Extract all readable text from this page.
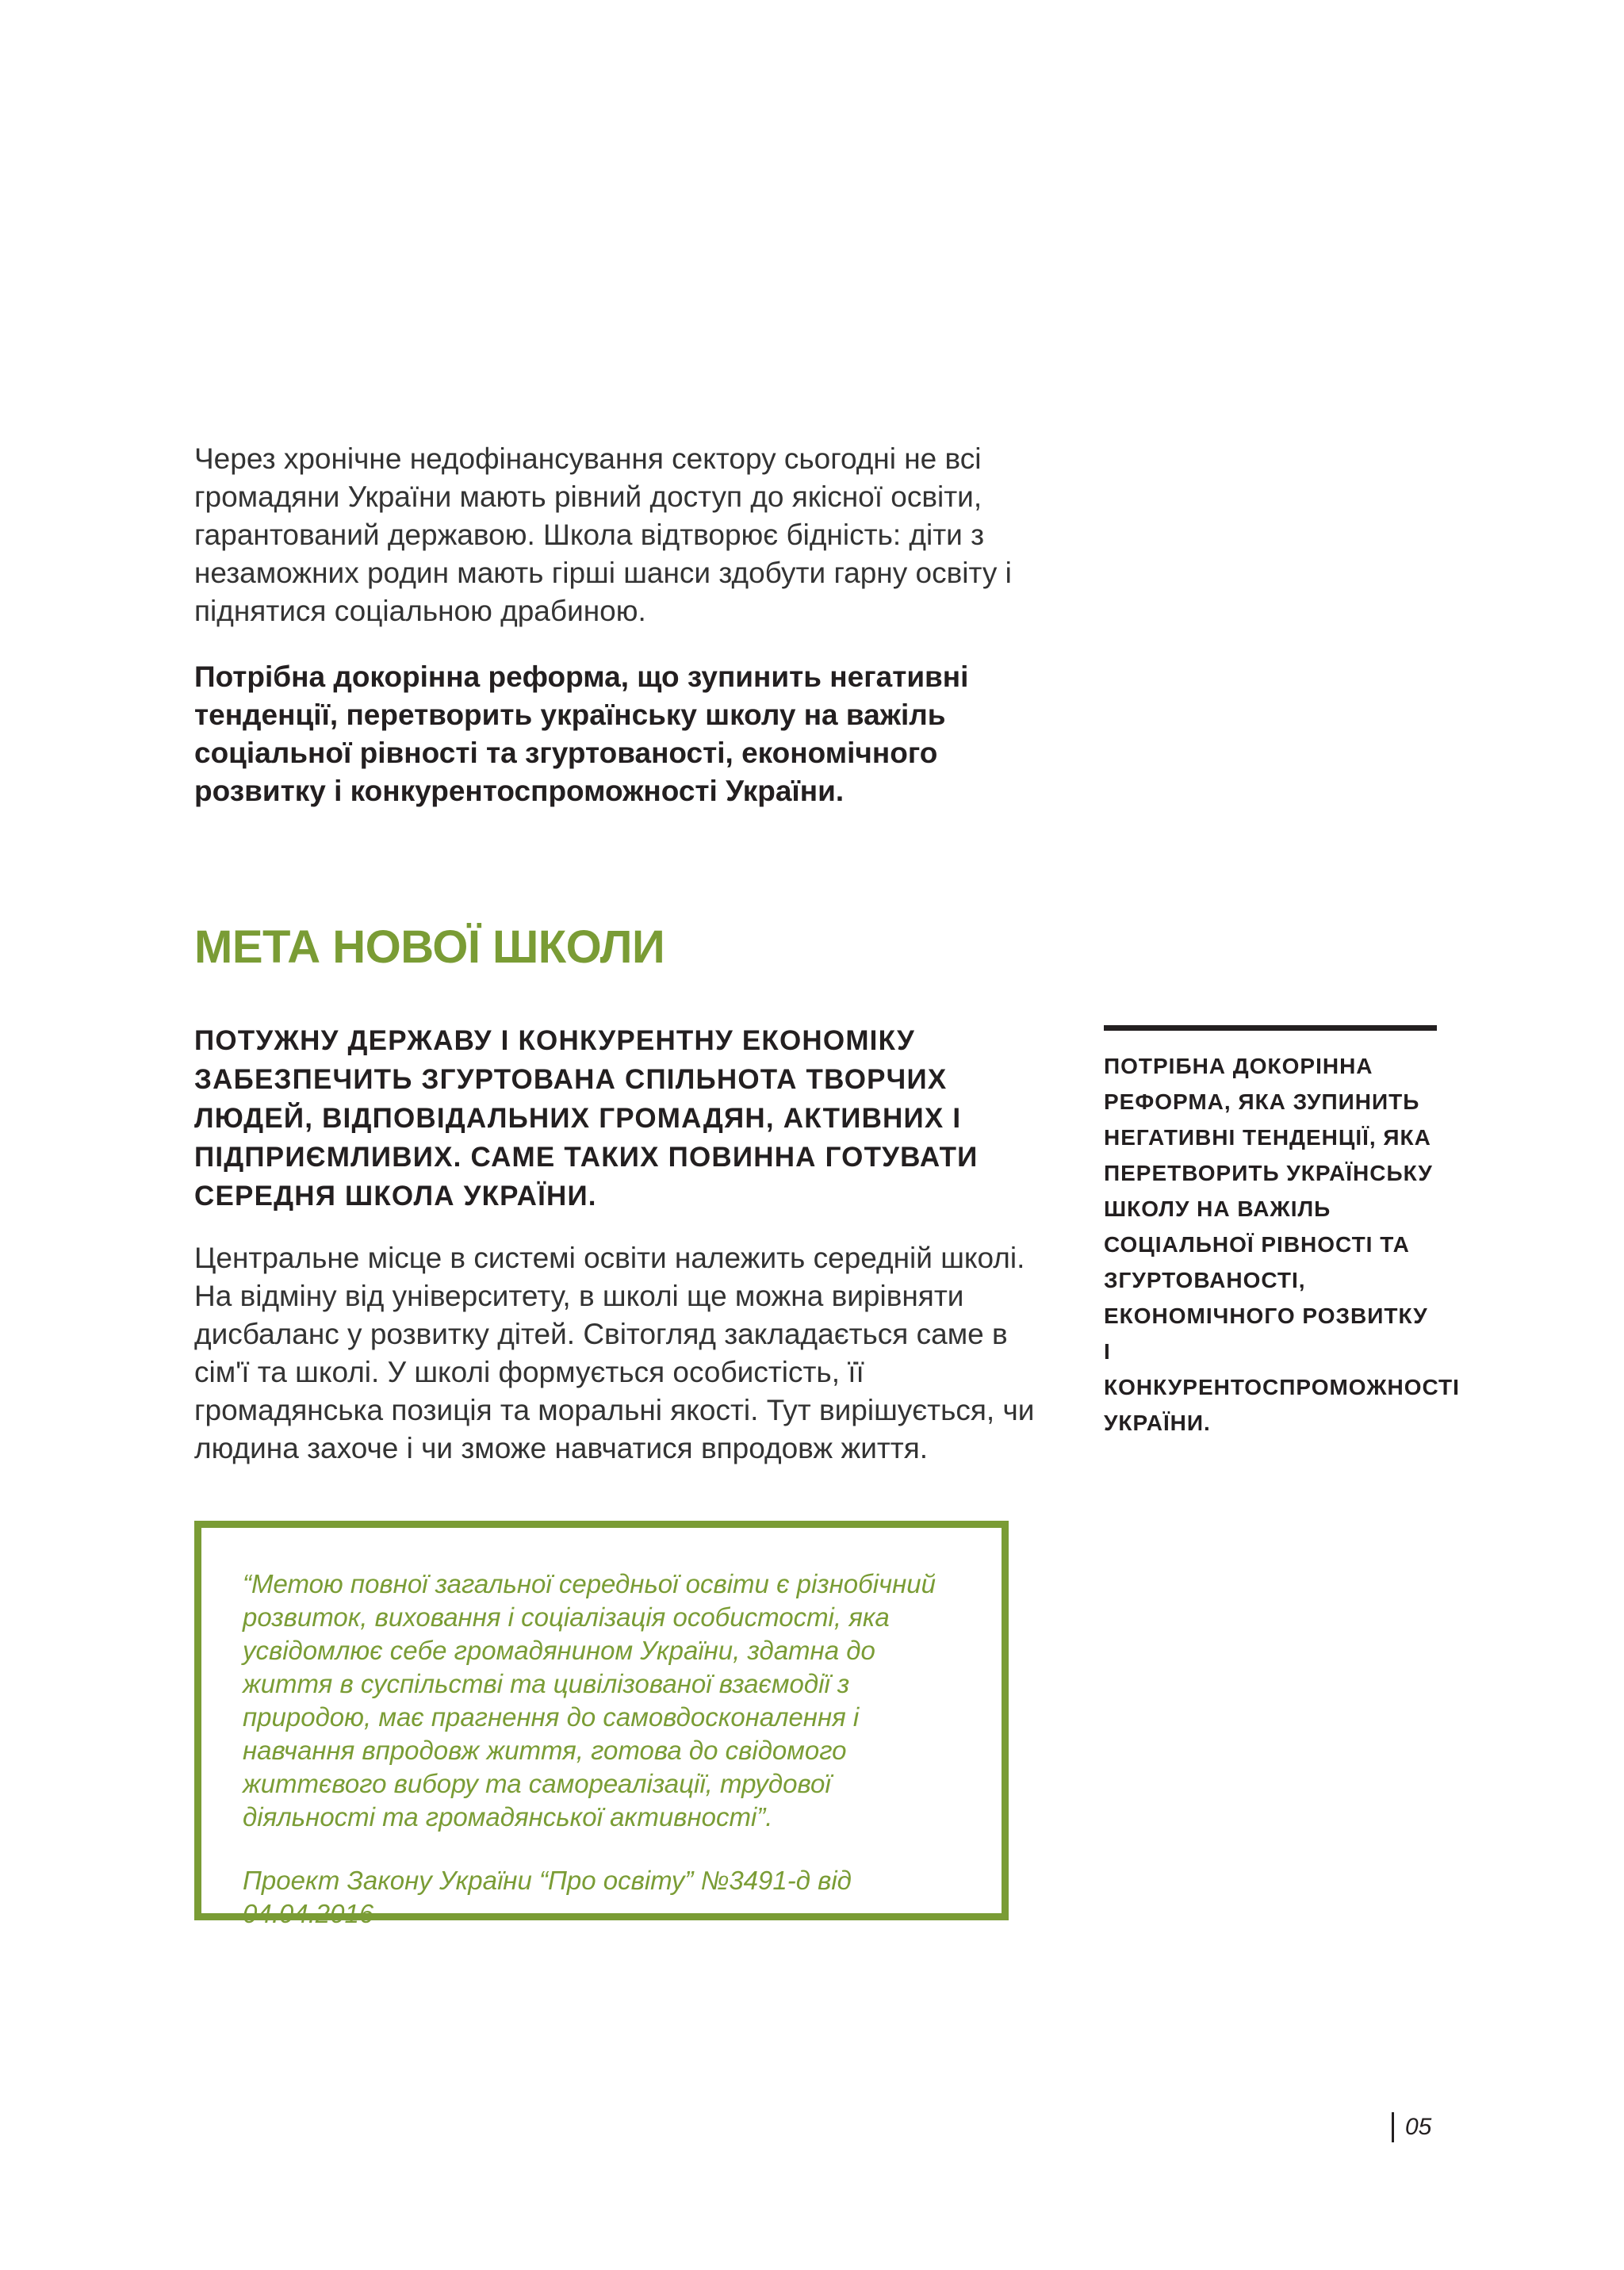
Через хронічне недофінансування сектору сьогодні не всі громадяни України мають рівний доступ до якісної освіти, гарантований державою. Школа відтворює бідність: діти з незаможних родин мають гірші шанси здобути гарну освіту і піднятися соціальною драбиною.

Потрібна докорінна реформа, що зупинить негативні тенденції, перетворить українську школу на важіль соціальної рівності та згуртованості, економічного розвитку і конкурентоспроможності України.

МЕТА НОВОЇ ШКОЛИ

ПОТУЖНУ ДЕРЖАВУ І КОНКУРЕНТНУ ЕКОНОМІКУ ЗАБЕЗПЕЧИТЬ ЗГУРТОВАНА СПІЛЬНОТА ТВОРЧИХ ЛЮДЕЙ, ВІДПОВІДАЛЬНИХ ГРОМАДЯН, АКТИВНИХ І ПІДПРИЄМЛИВИХ. САМЕ ТАКИХ ПОВИННА ГОТУВАТИ СЕРЕДНЯ ШКОЛА УКРАЇНИ.

Центральне місце в системі освіти належить середній школі. На відміну від університету, в школі ще можна вирівняти дисбаланс у розвитку дітей. Світогляд закладається саме в сім'ї та школі. У школі формується особистість, її громадянська позиція та моральні якості. Тут вирішується, чи людина захоче і чи зможе навчатися впродовж життя.

ПОТРІБНА ДОКОРІННА РЕФОРМА, ЯКА ЗУПИНИТЬ НЕГАТИВНІ ТЕНДЕНЦІЇ, ЯКА ПЕРЕТВОРИТЬ УКРАЇНСЬКУ ШКОЛУ НА ВАЖІЛЬ СОЦІАЛЬНОЇ РІВНОСТІ ТА ЗГУРТОВАНОСТІ, ЕКОНОМІЧНОГО РОЗВИТКУ І КОНКУРЕНТОСПРОМОЖНОСТІ УКРАЇНИ.

“Метою повної загальної середньої освіти є різнобічний розвиток, виховання і соціалізація особистості, яка усвідомлює себе громадянином України, здатна до життя в суспільстві та цивілізованої взаємодії з природою, має прагнення до самовдосконалення і навчання впродовж життя, готова до свідомого життєвого вибору та самореалізації, трудової діяльності та громадянської активності”.

Проект Закону України “Про освіту” №3491-д від 04.04.2016

05
